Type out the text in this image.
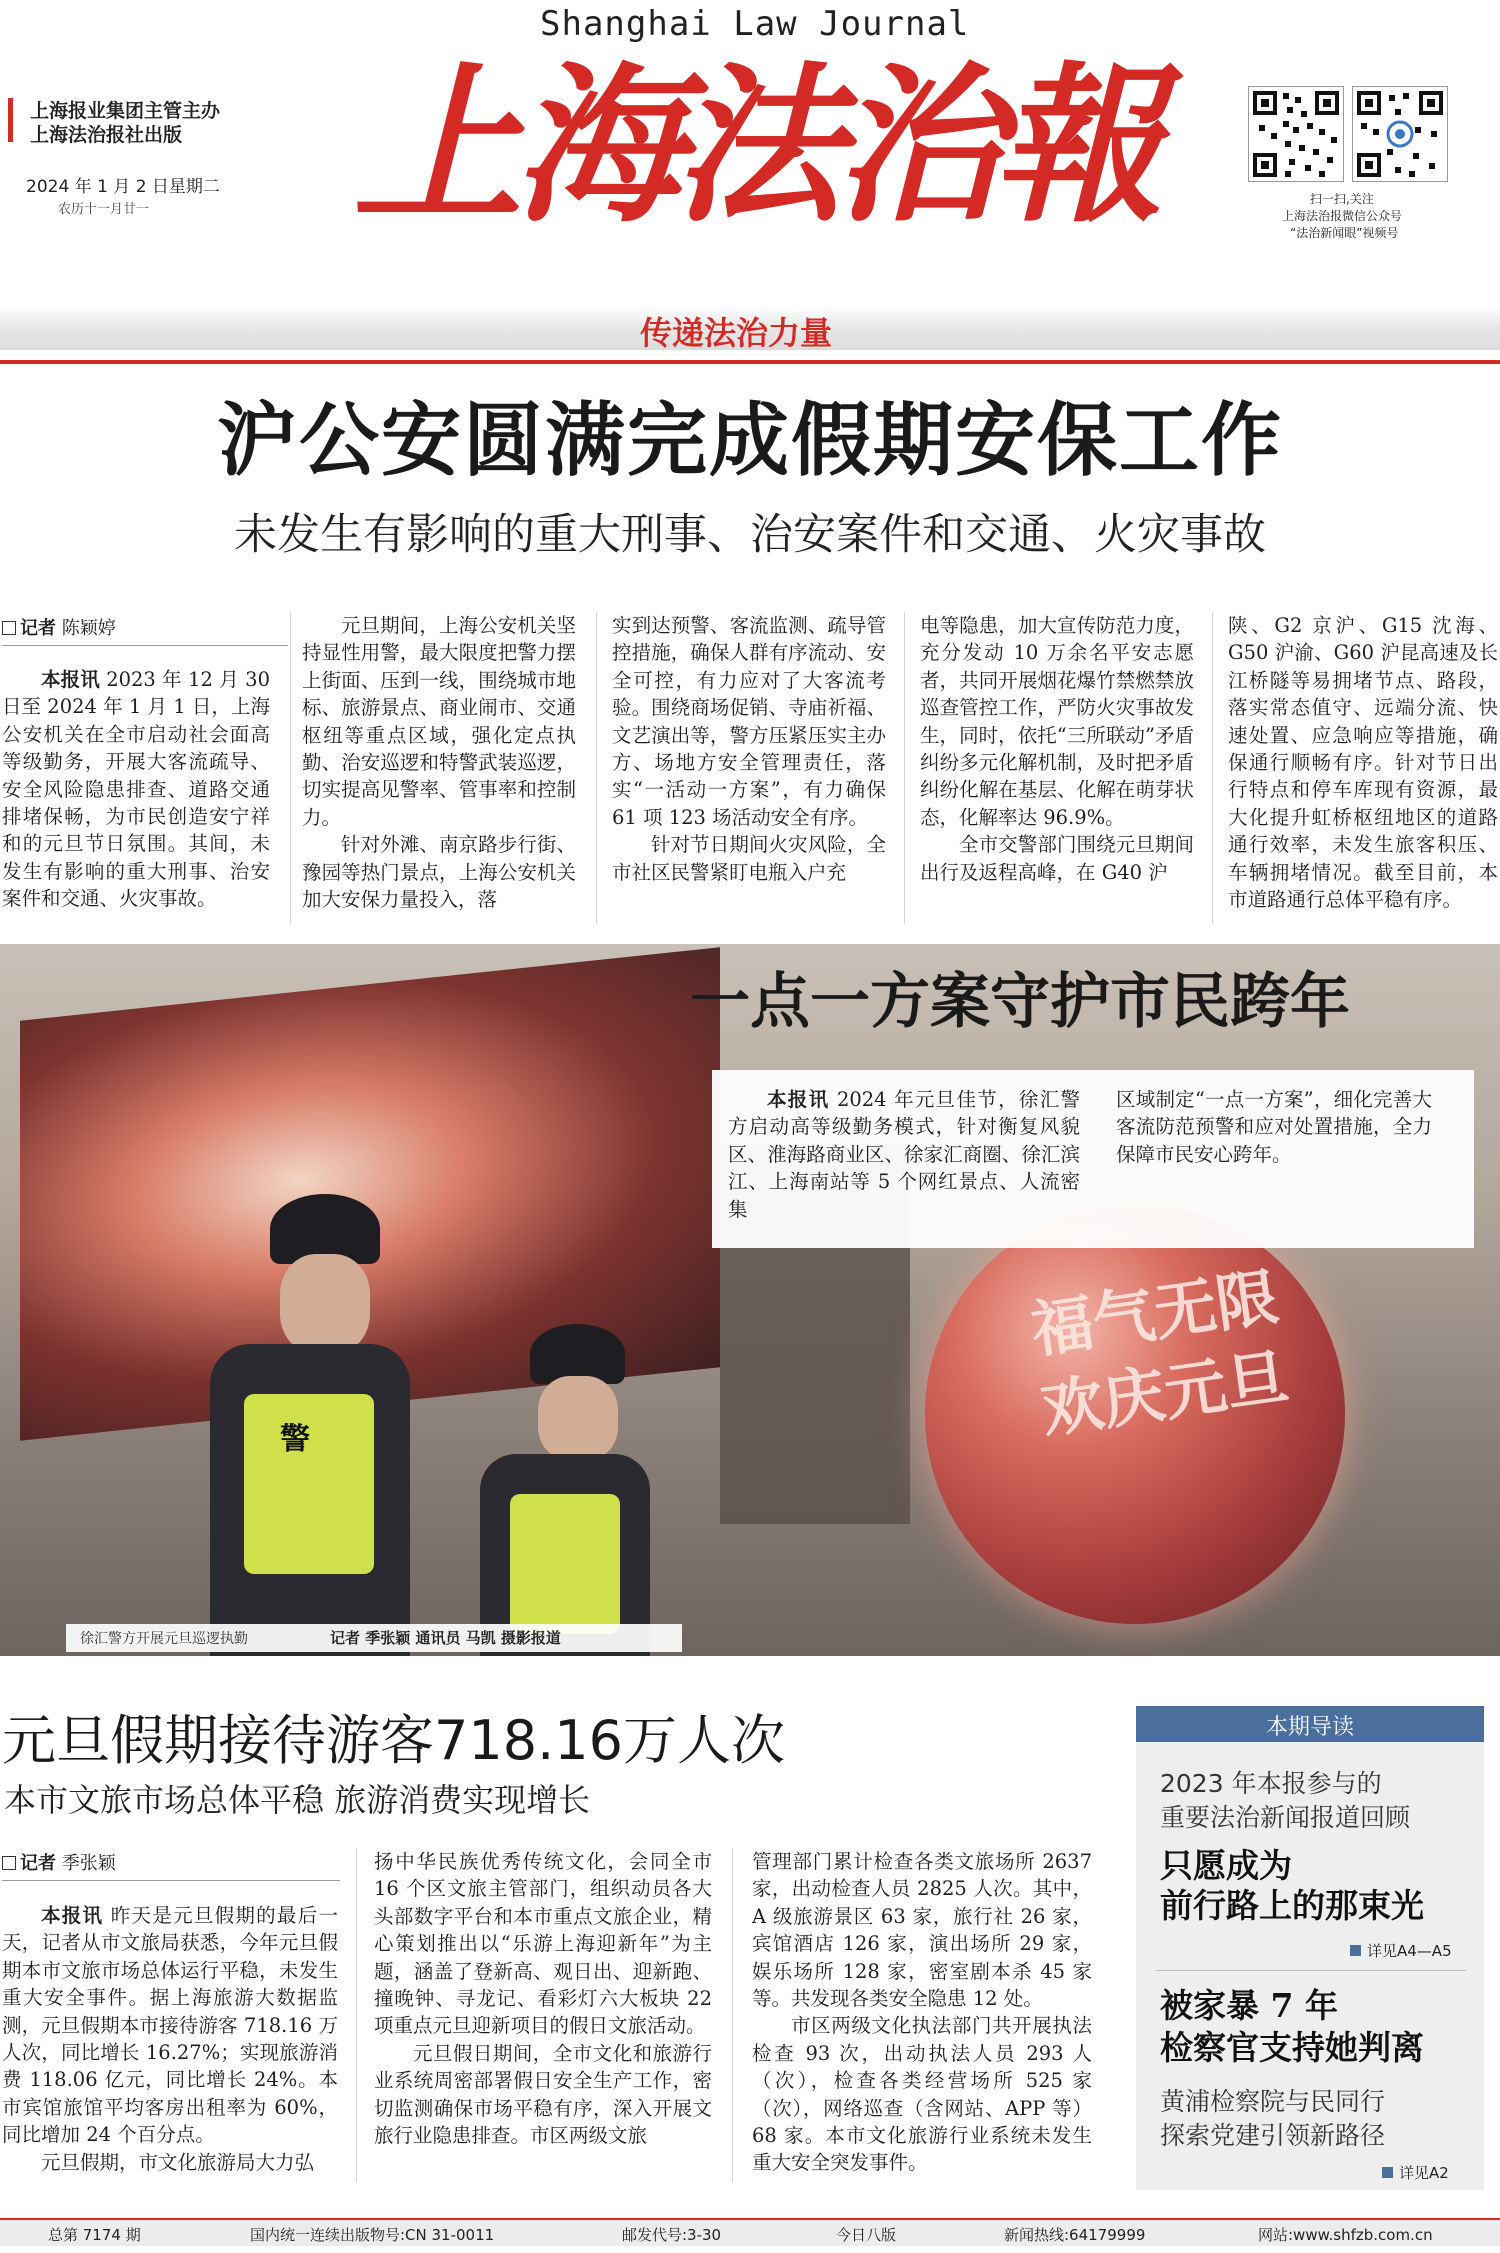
Shanghai Law Journal
上海报业集团主管主办
上海法治报社出版
2024 年 1 月 2 日星期二
农历十一月廿一	上海法治報	扫一扫,关注
上海法治报微信公众号
“法治新闻眼”视频号
传递法治力量
沪公安圆满完成假期安保工作
未发生有影响的重大刑事、治安案件和交通、火灾事故
记者 陈颖婷

本报讯 2023 年 12 月 30 日至 2024 年 1 月 1 日，上海公安机关在全市启动社会面高等级勤务，开展大客流疏导、安全风险隐患排查、道路交通排堵保畅，为市民创造安宁祥和的元旦节日氛围。其间，未发生有影响的重大刑事、治安案件和交通、火灾事故。

元旦期间，上海公安机关坚持显性用警，最大限度把警力摆上街面、压到一线，围绕城市地标、旅游景点、商业闹市、交通枢纽等重点区域，强化定点执勤、治安巡逻和特警武装巡逻，切实提高见警率、管事率和控制力。

针对外滩、南京路步行街、豫园等热门景点，上海公安机关加大安保力量投入，落

实到达预警、客流监测、疏导管控措施，确保人群有序流动、安全可控，有力应对了大客流考验。围绕商场促销、寺庙祈福、文艺演出等，警方压紧压实主办方、场地方安全管理责任，落实“一活动一方案”，有力确保 61 项 123 场活动安全有序。

针对节日期间火灾风险，全市社区民警紧盯电瓶入户充

电等隐患，加大宣传防范力度，充分发动 10 万余名平安志愿者，共同开展烟花爆竹禁燃禁放巡查管控工作，严防火灾事故发生，同时，依托“三所联动”矛盾纠纷多元化解机制，及时把矛盾纠纷化解在基层、化解在萌芽状态，化解率达 96.9%。

全市交警部门围绕元旦期间出行及返程高峰，在 G40 沪

陕、G2 京沪、G15 沈海、G50 沪渝、G60 沪昆高速及长江桥隧等易拥堵节点、路段，落实常态值守、远端分流、快速处置、应急响应等措施，确保通行顺畅有序。针对节日出行特点和停车库现有资源，最大化提升虹桥枢纽地区的道路通行效率，未发生旅客积压、车辆拥堵情况。截至目前，本市道路通行总体平稳有序。

福气无限
欢庆元旦
警
一点一方案守护市民跨年

本报讯 2024 年元旦佳节，徐汇警方启动高等级勤务模式，针对衡复风貌区、淮海路商业区、徐家汇商圈、徐汇滨江、上海南站等 5 个网红景点、人流密集

区域制定“一点一方案”，细化完善大客流防范预警和应对处置措施，全力保障市民安心跨年。

徐汇警方开展元旦巡逻执勤	记者 季张颖 通讯员 马凯 摄影报道
元旦假期接待游客718.16万人次
本市文旅市场总体平稳 旅游消费实现增长
记者 季张颖

本报讯 昨天是元旦假期的最后一天，记者从市文旅局获悉，今年元旦假期本市文旅市场总体运行平稳，未发生重大安全事件。据上海旅游大数据监测，元旦假期本市接待游客 718.16 万人次，同比增长 16.27%；实现旅游消费 118.06 亿元，同比增长 24%。本市宾馆旅馆平均客房出租率为 60%，同比增加 24 个百分点。

元旦假期，市文化旅游局大力弘

扬中华民族优秀传统文化，会同全市 16 个区文旅主管部门，组织动员各大头部数字平台和本市重点文旅企业，精心策划推出以“乐游上海迎新年”为主题，涵盖了登新高、观日出、迎新跑、撞晚钟、寻龙记、看彩灯六大板块 22 项重点元旦迎新项目的假日文旅活动。

元旦假日期间，全市文化和旅游行业系统周密部署假日安全生产工作，密切监测确保市场平稳有序，深入开展文旅行业隐患排查。市区两级文旅

管理部门累计检查各类文旅场所 2637 家，出动检查人员 2825 人次。其中，A 级旅游景区 63 家，旅行社 26 家，宾馆酒店 126 家，演出场所 29 家，娱乐场所 128 家，密室剧本杀 45 家等。共发现各类安全隐患 12 处。

市区两级文化执法部门共开展执法检查 93 次，出动执法人员 293 人（次），检查各类经营场所 525 家（次），网络巡查（含网站、APP 等）68 家。本市文化旅游行业系统未发生重大安全突发事件。

本期导读
2023 年本报参与的
重要法治新闻报道回顾
只愿成为
前行路上的那束光
详见A4—A5
被家暴 7 年
检察官支持她判离
黄浦检察院与民同行
探索党建引领新路径
详见A2
总第 7174 期	国内统一连续出版物号:CN 31-0011	邮发代号:3-30	今日八版	新闻热线:64179999	网站:www.shfzb.com.cn
